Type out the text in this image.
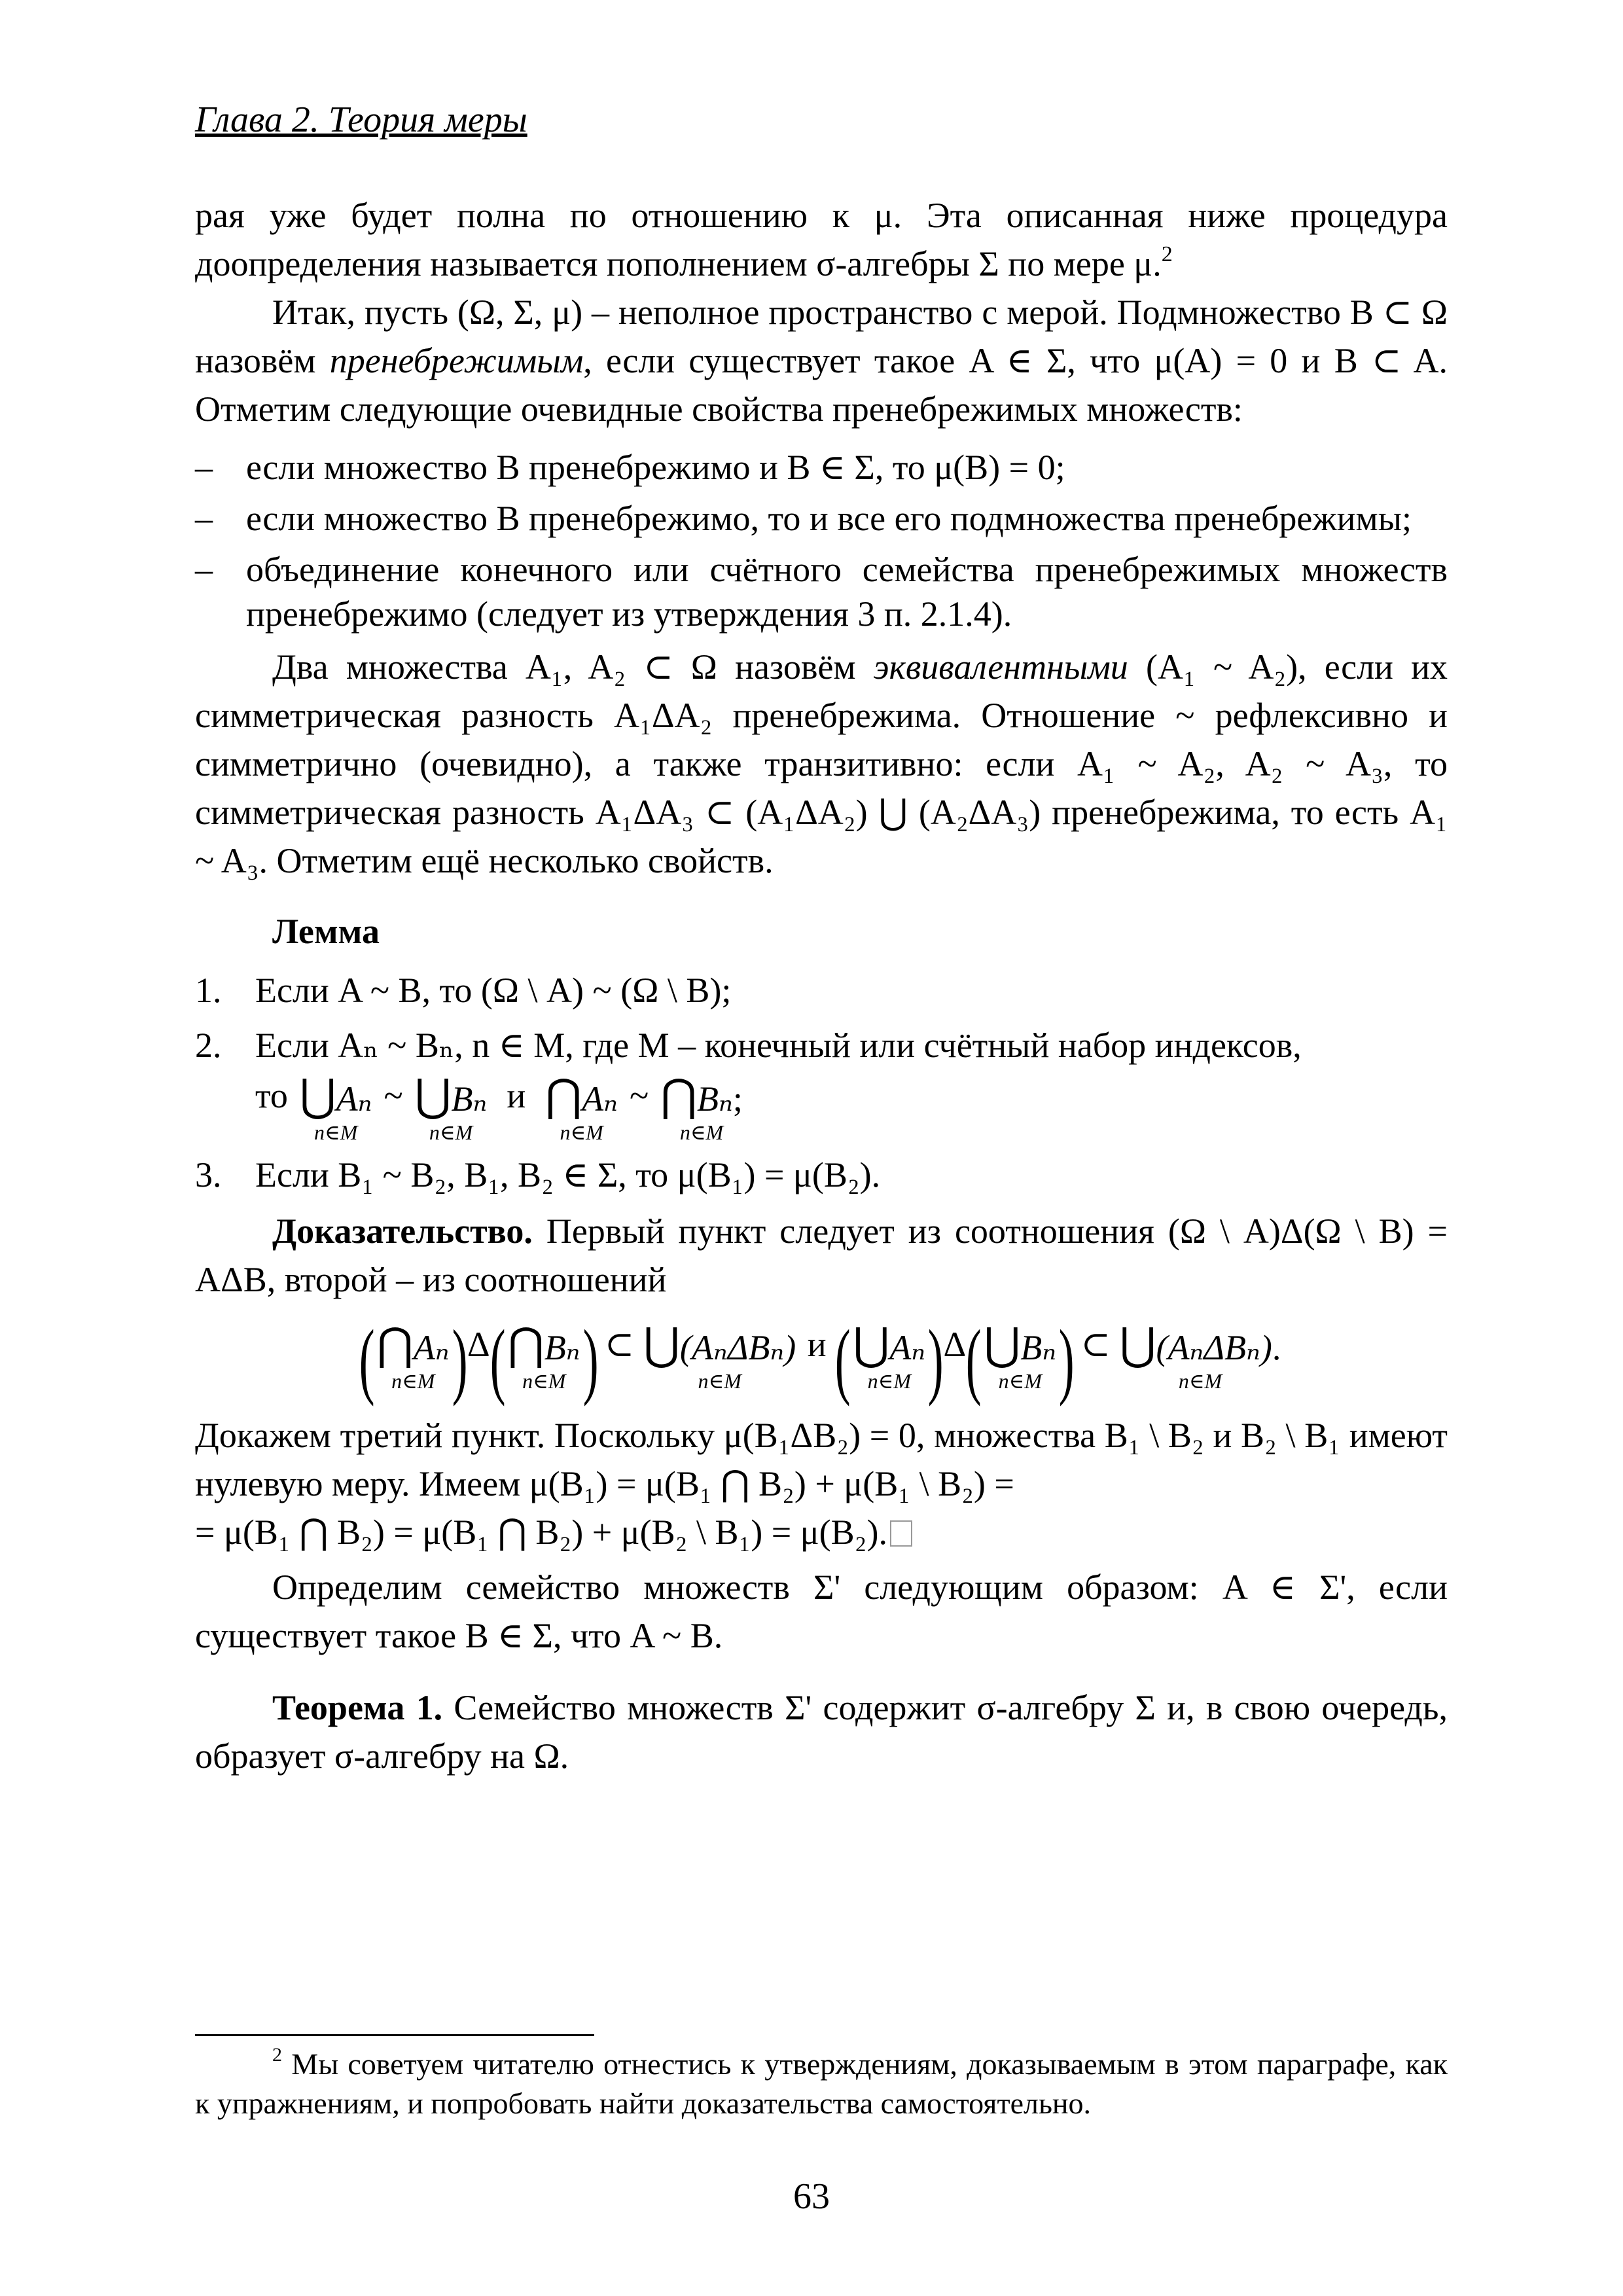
Глава 2. Теория меры

рая уже будет полна по отношению к μ. Эта описанная ниже процедура доопределения называется пополнением σ-алгебры Σ по мере μ.$^2$

Итак, пусть (Ω, Σ, μ) – неполное пространство с мерой. Подмножество B ⊂ Ω назовём пренебрежимым, если существует такое A ∈ Σ, что μ(A) = 0 и B ⊂ A. Отметим следующие очевидные свойства пренебрежимых множеств:

– если множество B пренебрежимо и B ∈ Σ, то μ(B) = 0;
– если множество B пренебрежимо, то и все его подмножества пренебрежимы;
– объединение конечного или счётного семейства пренебрежимых множеств пренебрежимо (следует из утверждения 3 п. 2.1.4).

Два множества A₁, A₂ ⊂ Ω назовём эквивалентными (A₁ ~ A₂), если их симметрическая разность A₁ΔA₂ пренебрежима. Отношение ~ рефлексивно и симметрично (очевидно), а также транзитивно: если A₁ ~ A₂, A₂ ~ A₃, то симметрическая разность A₁ΔA₃ ⊂ (A₁ΔA₂) ⋃ (A₂ΔA₃) пренебрежима, то есть A₁ ~ A₃. Отметим ещё несколько свойств.

Лемма
1. Если A ~ B, то (Ω \ A) ~ (Ω \ B);
2. Если Aₙ ~ Bₙ, n ∈ M, где M – конечный или счётный набор индексов,
то ⋃ Aₙ
n∈M
~ ⋃ Bₙ
n∈M
и ⋂ Aₙ
n∈M
~ ⋂ Bₙ ;
n∈M
3. Если B₁ ~ B₂, B₁, B₂ ∈ Σ, то μ(B₁) = μ(B₂).

Доказательство. Первый пункт следует из соотношения (Ω \ A)Δ(Ω \ B) = AΔB, второй – из соотношений

( ⋂ Aₙ
n∈M ) Δ ( ⋂ Bₙ
n∈M ) ⊂ ⋃ (AₙΔBₙ)
n∈M
и ( ⋃ Aₙ
n∈M ) Δ ( ⋃ Bₙ
n∈M ) ⊂ ⋃ (AₙΔBₙ) .
n∈M

Докажем третий пункт. Поскольку μ(B₁ΔB₂) = 0, множества B₁ \ B₂ и B₂ \ B₁ имеют нулевую меру. Имеем μ(B₁) = μ(B₁ ⋂ B₂) + μ(B₁ \ B₂) =

= μ(B₁ ⋂ B₂) = μ(B₁ ⋂ B₂) + μ(B₂ \ B₁) = μ(B₂).

Определим семейство множеств Σ' следующим образом: A ∈ Σ', если существует такое B ∈ Σ, что A ~ B.

Теорема 1. Семейство множеств Σ' содержит σ-алгебру Σ и, в свою очередь, образует σ-алгебру на Ω.

$^2$ Мы советуем читателю отнестись к утверждениям, доказываемым в этом параграфе, как к упражнениям, и попробовать найти доказательства самостоятельно.
63
